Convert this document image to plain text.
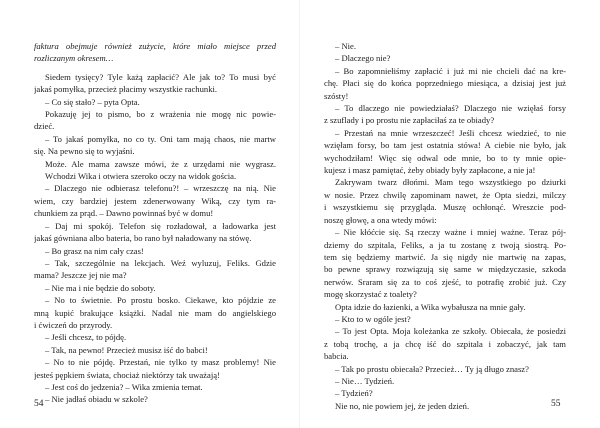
faktura obejmuje również zużycie, które miało miejsce przed
rozliczanym okresem…
Siedem tysięcy? Tyle każą zapłacić? Ale jak to? To musi być
jakaś pomyłka, przecież płacimy wszystkie rachunki.
– Co się stało? – pyta Opta.
Pokazuję jej to pismo, bo z wrażenia nie mogę nic powie-
dzieć.
– To jakaś pomyłka, no co ty. Oni tam mają chaos, nie martw
się. Na pewno się to wyjaśni.
Może. Ale mama zawsze mówi, że z urzędami nie wygrasz.
Wchodzi Wika i otwiera szeroko oczy na widok gościa.
– Dlaczego nie odbierasz telefonu?! – wrzeszczę na nią. Nie
wiem, czy bardziej jestem zdenerwowany Wiką, czy tym ra-
chunkiem za prąd. – Dawno powinnaś być w domu!
– Daj mi spokój. Telefon się rozładował, a ładowarka jest
jakaś gówniana albo bateria, bo rano był naładowany na stówę.
– Bo grasz na nim cały czas!
– Tak, szczególnie na lekcjach. Weź wyluzuj, Feliks. Gdzie
mama? Jeszcze jej nie ma?
– Nie ma i nie będzie do soboty.
– No to świetnie. Po prostu bosko. Ciekawe, kto pójdzie ze
mną kupić brakujące książki. Nadal nie mam do angielskiego
i ćwiczeń do przyrody.
– Jeśli chcesz, to pójdę.
– Tak, na pewno! Przecież musisz iść do babci!
– No to nie pójdę. Przestań, nie tylko ty masz problemy! Nie
jesteś pępkiem świata, chociaż niektórzy tak uważają!
– Jest coś do jedzenia? – Wika zmienia temat.
– Nie jadłaś obiadu w szkole?
54
– Nie.
– Dlaczego nie?
– Bo zapomniełiśmy zapłacić i już mi nie chcieli dać na kre-
chę. Płaci się do końca poprzedniego miesiąca, a dzisiaj jest już
szósty!
– To dlaczego nie powiedziałaś? Dlaczego nie wzięłaś forsy
z szuflady i po prostu nie zapłaciłaś za te obiady?
– Przestań na mnie wrzeszczeć! Jeśli chcesz wiedzieć, to nie
wzięłam forsy, bo tam jest ostatnia stówa! A ciebie nie było, jak
wychodziłam! Więc się odwal ode mnie, bo to ty mnie opie-
kujesz i masz pamiętać, żeby obiady były zapłacone, a nie ja!
Zakrywam twarz dłońmi. Mam tego wszystkiego po dziurki
w nosie. Przez chwilę zapominam nawet, że Opta siedzi, milczy
i wszystkiemu się przygląda. Muszę ochłonąć. Wreszcie pod-
noszę głowę, a ona wtedy mówi:
– Nie kłóćcie się. Są rzeczy ważne i mniej ważne. Teraz pój-
dziemy do szpitala, Feliks, a ja tu zostanę z twoją siostrą. Po-
tem się będziemy martwić. Ja się nigdy nie martwię na zapas,
bo pewne sprawy rozwiązują się same w międzyczasie, szkoda
nerwów. Sraram się za to coś zjeść, to potrafię zrobić już. Czy
mogę skorzystać z toalety?
Opta idzie do łazienki, a Wika wybałusza na mnie gały.
– Kto to w ogóle jest?
– To jest Opta. Moja koleżanka ze szkoły. Obiecała, że posiedzi
z tobą trochę, a ja chcę iść do szpitala i zobaczyć, jak tam
babcia.
– Tak po prostu obiecała? Przecież… Ty ją długo znasz?
– Nie… Tydzień.
– Tydzień?
Nie no, nie powiem jej, że jeden dzień.	55
